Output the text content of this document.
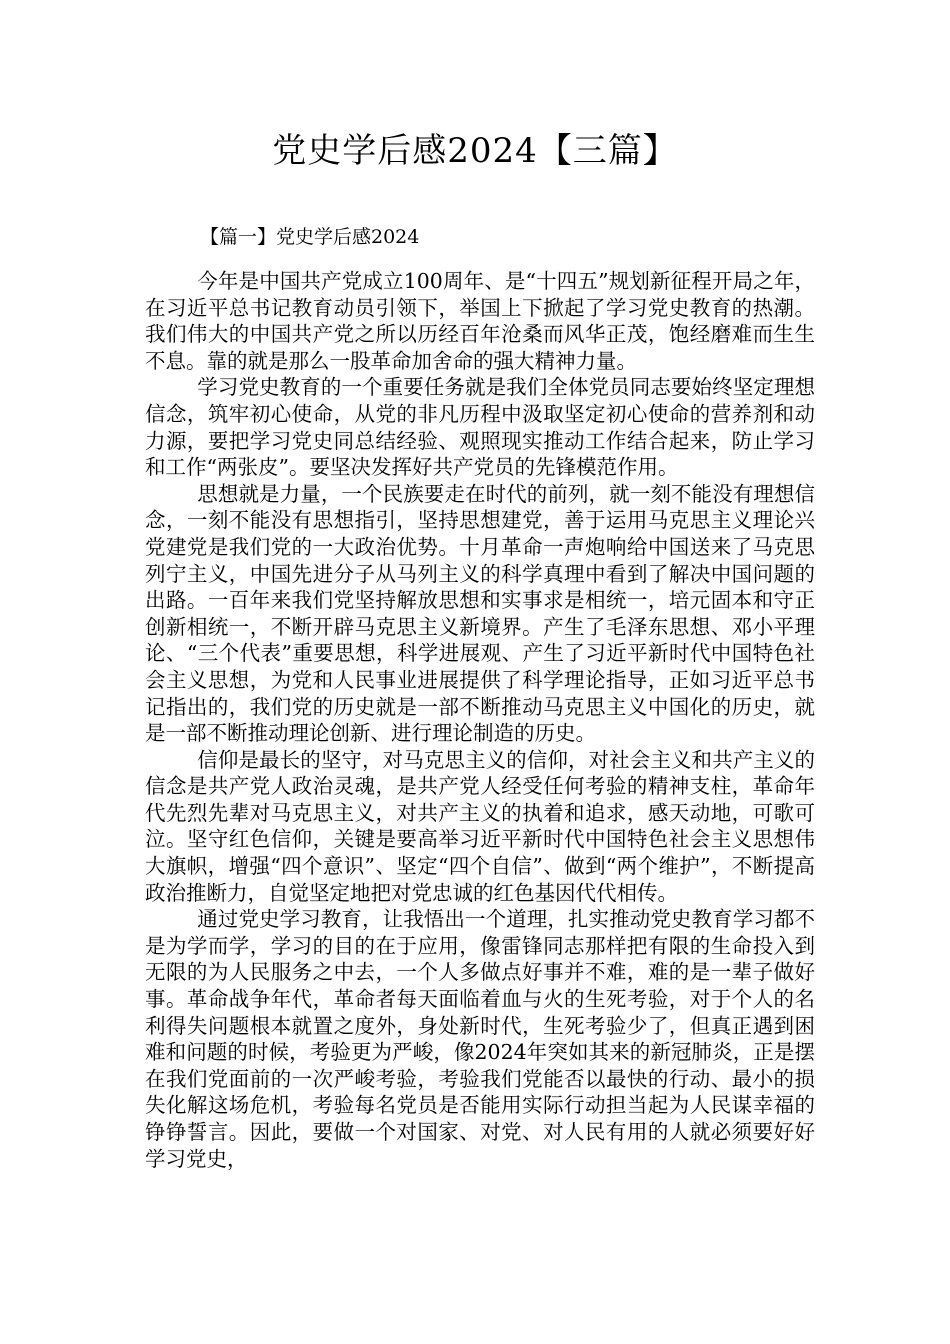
党史学后感2024【三篇】
【篇一】党史学后感2024

今年是中国共产党成立100周年、是“十四五”规划新征程开局之年，在习近平总书记教育动员引领下，举国上下掀起了学习党史教育的热潮。我们伟大的中国共产党之所以历经百年沧桑而风华正茂，饱经磨难而生生不息。靠的就是那么一股革命加舍命的强大精神力量。

学习党史教育的一个重要任务就是我们全体党员同志要始终坚定理想信念，筑牢初心使命，从党的非凡历程中汲取坚定初心使命的营养剂和动力源，要把学习党史同总结经验、观照现实推动工作结合起来，防止学习和工作“两张皮”。要坚决发挥好共产党员的先锋模范作用。

思想就是力量，一个民族要走在时代的前列，就一刻不能没有理想信念，一刻不能没有思想指引，坚持思想建党，善于运用马克思主义理论兴党建党是我们党的一大政治优势。十月革命一声炮响给中国送来了马克思列宁主义，中国先进分子从马列主义的科学真理中看到了解决中国问题的出路。一百年来我们党坚持解放思想和实事求是相统一，培元固本和守正创新相统一，不断开辟马克思主义新境界。产生了毛泽东思想、邓小平理论、“三个代表”重要思想，科学进展观、产生了习近平新时代中国特色社会主义思想，为党和人民事业进展提供了科学理论指导，正如习近平总书记指出的，我们党的历史就是一部不断推动马克思主义中国化的历史，就是一部不断推动理论创新、进行理论制造的历史。

信仰是最长的坚守，对马克思主义的信仰，对社会主义和共产主义的信念是共产党人政治灵魂，是共产党人经受任何考验的精神支柱，革命年代先烈先辈对马克思主义，对共产主义的执着和追求，感天动地，可歌可泣。坚守红色信仰，关键是要高举习近平新时代中国特色社会主义思想伟大旗帜，增强“四个意识”、坚定“四个自信”、做到“两个维护”，不断提高政治推断力，自觉坚定地把对党忠诚的红色基因代代相传。

通过党史学习教育，让我悟出一个道理，扎实推动党史教育学习都不是为学而学，学习的目的在于应用，像雷锋同志那样把有限的生命投入到无限的为人民服务之中去，一个人多做点好事并不难，难的是一辈子做好事。革命战争年代，革命者每天面临着血与火的生死考验，对于个人的名利得失问题根本就置之度外，身处新时代，生死考验少了，但真正遇到困难和问题的时候，考验更为严峻，像2024年突如其来的新冠肺炎，正是摆在我们党面前的一次严峻考验，考验我们党能否以最快的行动、最小的损失化解这场危机，考验每名党员是否能用实际行动担当起为人民谋幸福的铮铮誓言。因此，要做一个对国家、对党、对人民有用的人就必须要好好学习党史，
